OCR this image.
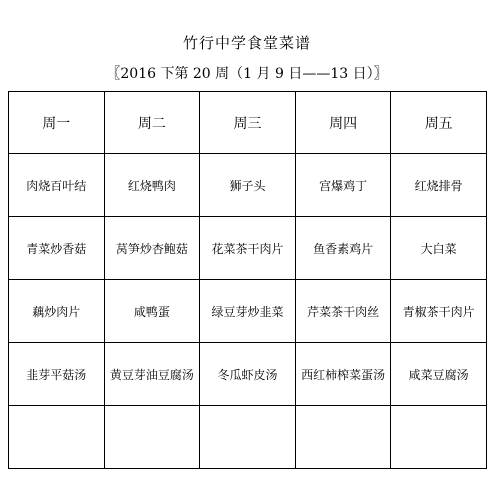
竹行中学食堂菜谱
〖2016 下第 20 周（1 月 9 日——13 日）〗
周一	周二	周三	周四	周五
肉烧百叶结	红烧鸭肉	狮子头	宫爆鸡丁	红烧排骨
青菜炒香菇	莴笋炒杏鲍菇	花菜茶干肉片	鱼香素鸡片	大白菜
藕炒肉片	咸鸭蛋	绿豆芽炒韭菜	芹菜茶干肉丝	青椒茶干肉片
韭芽平菇汤	黄豆芽油豆腐汤	冬瓜虾皮汤	西红柿榨菜蛋汤	咸菜豆腐汤
